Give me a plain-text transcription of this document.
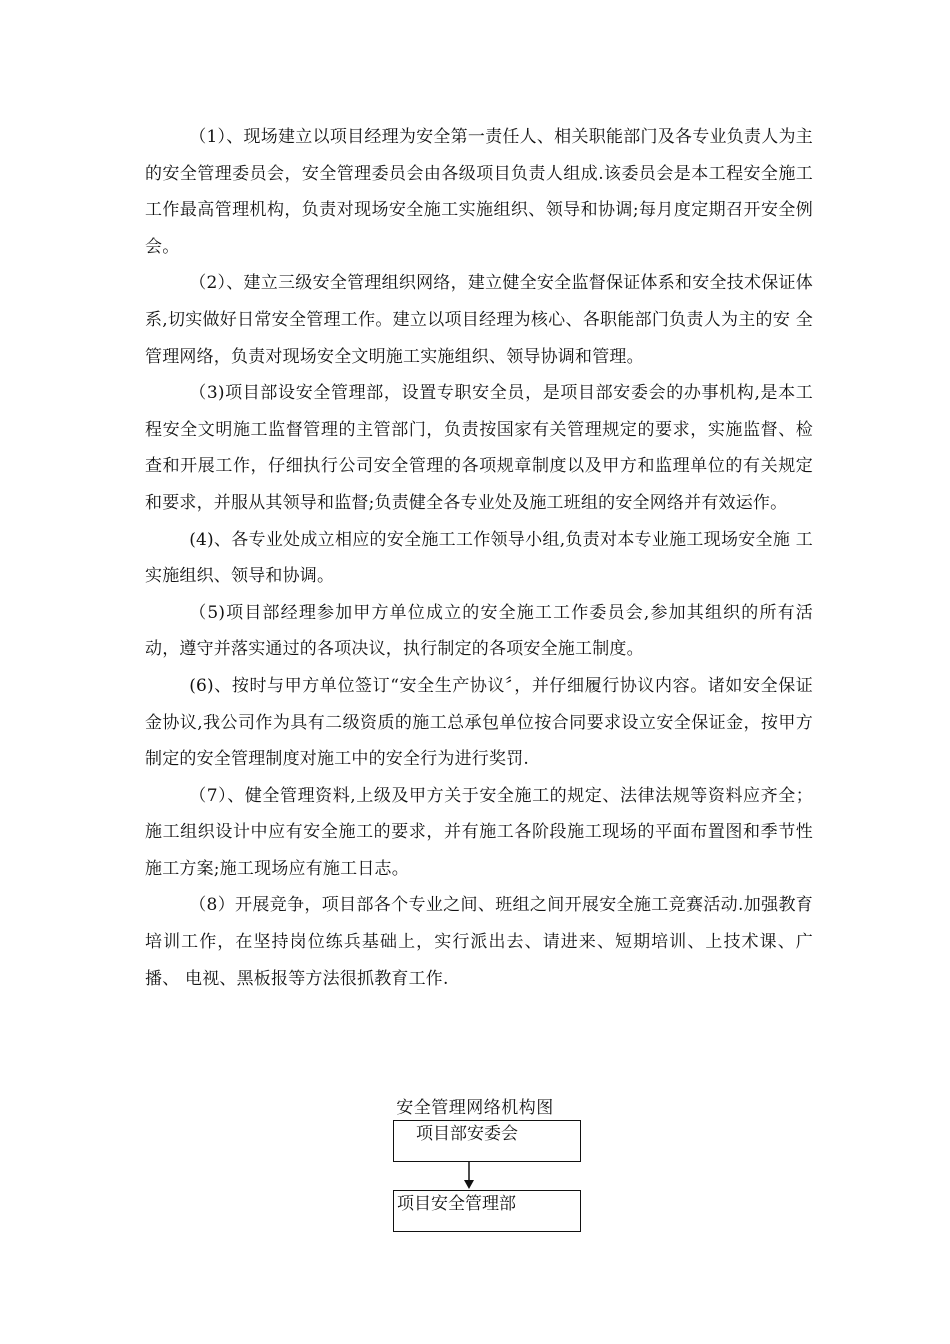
（1）、现场建立以项目经理为安全第一责任人、相关职能部门及各专业负责人为主的安全管理委员会，安全管理委员会由各级项目负责人组成.该委员会是本工程安全施工工作最高管理机构，负责对现场安全施工实施组织、领导和协调;每月度定期召开安全例会。

（2）、建立三级安全管理组织网络，建立健全安全监督保证体系和安全技术保证体 系,切实做好日常安全管理工作。建立以项目经理为核心、各职能部门负责人为主的安 全管理网络，负责对现场安全文明施工实施组织、领导协调和管理。

（3)项目部设安全管理部，设置专职安全员，是项目部安委会的办事机构,是本工程安全文明施工监督管理的主管部门，负责按国家有关管理规定的要求，实施监督、检查和开展工作，仔细执行公司安全管理的各项规章制度以及甲方和监理单位的有关规定和要求，并服从其领导和监督;负责健全各专业处及施工班组的安全网络并有效运作。

(4)、各专业处成立相应的安全施工工作领导小组,负责对本专业施工现场安全施 工实施组织、领导和协调。

（5)项目部经理参加甲方单位成立的安全施工工作委员会,参加其组织的所有活动，遵守并落实通过的各项决议，执行制定的各项安全施工制度。

(6)、按时与甲方单位签订“安全生产协议〞，并仔细履行协议内容。诸如安全保证金协议,我公司作为具有二级资质的施工总承包单位按合同要求设立安全保证金，按甲方制定的安全管理制度对施工中的安全行为进行奖罚.

（7）、健全管理资料,上级及甲方关于安全施工的规定、法律法规等资料应齐全；施工组织设计中应有安全施工的要求，并有施工各阶段施工现场的平面布置图和季节性施工方案;施工现场应有施工日志。

（8）开展竞争，项目部各个专业之间、班组之间开展安全施工竞赛活动.加强教育培训工作，在坚持岗位练兵基础上，实行派出去、请进来、短期培训、上技术课、广播、 电视、黑板报等方法很抓教育工作.

安全管理网络机构图
项目部安委会
项目安全管理部
